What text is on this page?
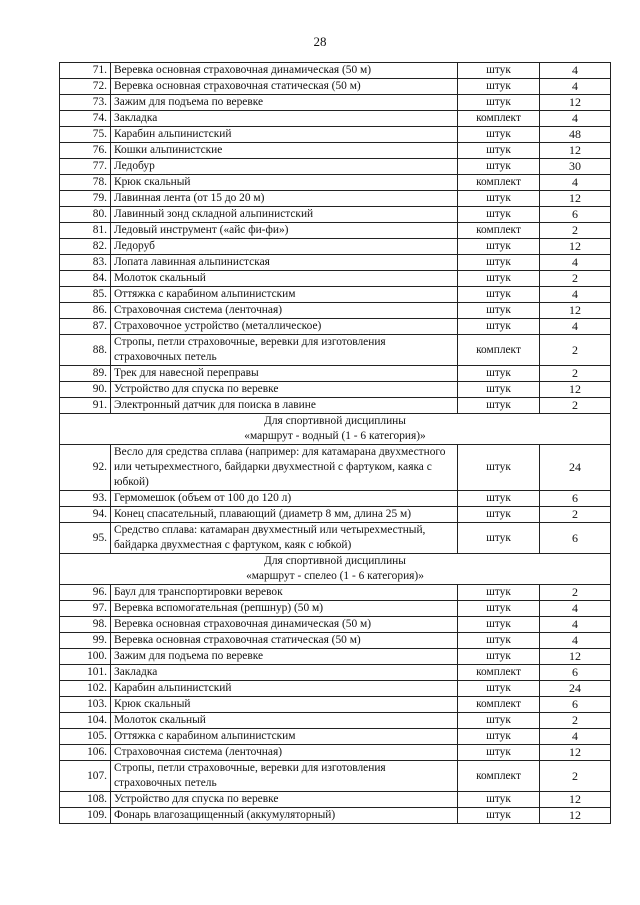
28
71.	Веревка основная страховочная динамическая (50 м)	штук	4
72.	Веревка основная страховочная статическая (50 м)	штук	4
73.	Зажим для подъема по веревке	штук	12
74.	Закладка	комплект	4
75.	Карабин альпинистский	штук	48
76.	Кошки альпинистские	штук	12
77.	Ледобур	штук	30
78.	Крюк скальный	комплект	4
79.	Лавинная лента (от 15 до 20 м)	штук	12
80.	Лавинный зонд складной альпинистский	штук	6
81.	Ледовый инструмент («айс фи-фи»)	комплект	2
82.	Ледоруб	штук	12
83.	Лопата лавинная альпинистская	штук	4
84.	Молоток скальный	штук	2
85.	Оттяжка с карабином альпинистским	штук	4
86.	Страховочная система (ленточная)	штук	12
87.	Страховочное устройство (металлическое)	штук	4
88.	Стропы, петли страховочные, веревки для изготовления страховочных петель	комплект	2
89.	Трек для навесной переправы	штук	2
90.	Устройство для спуска по веревке	штук	12
91.	Электронный датчик для поиска в лавине	штук	2

Для спортивной дисциплины
«маршрут - водный (1 - 6 категория)»			

92.	Весло для средства сплава (например: для катамарана двухместного или четырехместного, байдарки двухместной с фартуком, каяка с юбкой)	штук	24
93.	Гермомешок (объем от 100 до 120 л)	штук	6
94.	Конец спасательный, плавающий (диаметр 8 мм, длина 25 м)	штук	2
95.	Средство сплава: катамаран двухместный или четырехместный, байдарка двухместная с фартуком, каяк с юбкой)	штук	6

Для спортивной дисциплины
«маршрут - спелео (1 - 6 категория)»			

96.	Баул для транспортировки веревок	штук	2
97.	Веревка вспомогательная (репшнур) (50 м)	штук	4
98.	Веревка основная страховочная динамическая (50 м)	штук	4
99.	Веревка основная страховочная статическая (50 м)	штук	4
100.	Зажим для подъема по веревке	штук	12
101.	Закладка	комплект	6
102.	Карабин альпинистский	штук	24
103.	Крюк скальный	комплект	6
104.	Молоток скальный	штук	2
105.	Оттяжка с карабином альпинистским	штук	4
106.	Страховочная система (ленточная)	штук	12
107.	Стропы, петли страховочные, веревки для изготовления страховочных петель	комплект	2
108.	Устройство для спуска по веревке	штук	12
109.	Фонарь влагозащищенный (аккумуляторный)	штук	12
